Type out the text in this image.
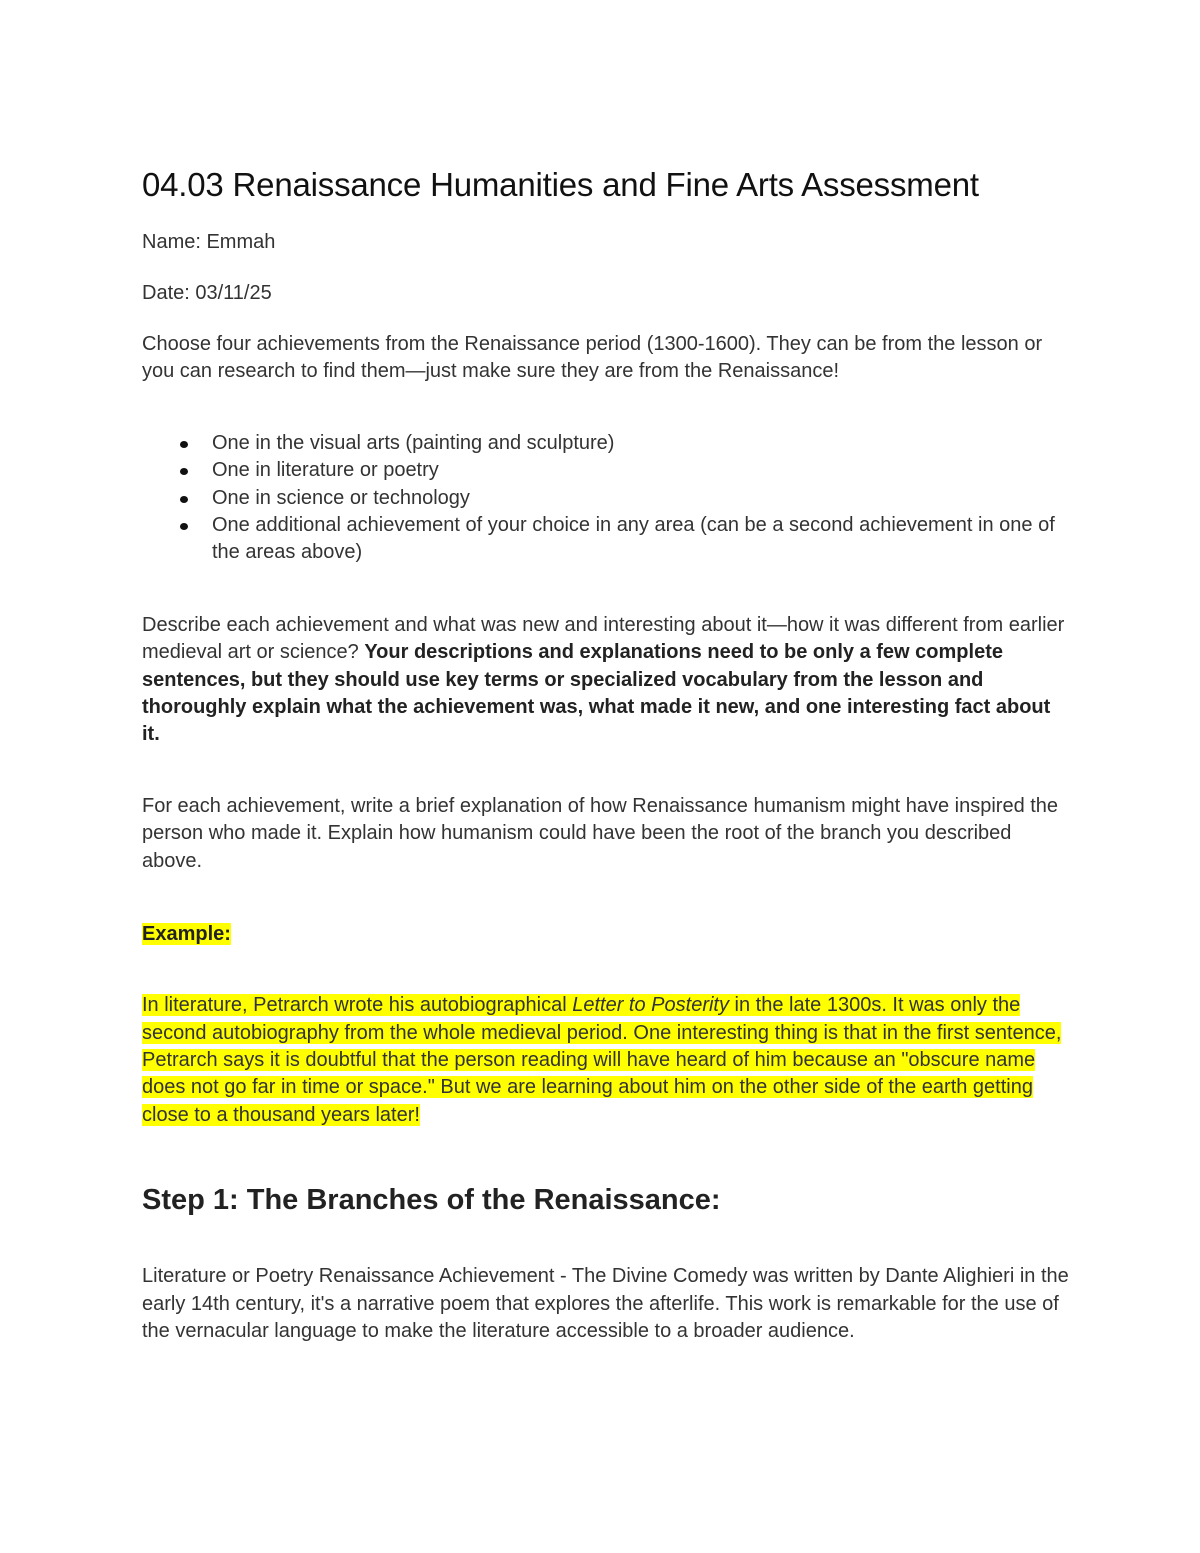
04.03 Renaissance Humanities and Fine Arts Assessment

Name: Emmah

Date: 03/11/25

Choose four achievements from the Renaissance period (1300-1600). They can be from the lesson or you can research to find them—just make sure they are from the Renaissance!

One in the visual arts (painting and sculpture)
One in literature or poetry
One in science or technology
One additional achievement of your choice in any area (can be a second achievement in one of the areas above)

Describe each achievement and what was new and interesting about it—how it was different from earlier medieval art or science? Your descriptions and explanations need to be only a few complete sentences, but they should use key terms or specialized vocabulary from the lesson and thoroughly explain what the achievement was, what made it new, and one interesting fact about it.

For each achievement, write a brief explanation of how Renaissance humanism might have inspired the person who made it. Explain how humanism could have been the root of the branch you described above.

Example:

In literature, Petrarch wrote his autobiographical Letter to Posterity in the late 1300s. It was only the second autobiography from the whole medieval period. One interesting thing is that in the first sentence, Petrarch says it is doubtful that the person reading will have heard of him because an "obscure name does not go far in time or space." But we are learning about him on the other side of the earth getting close to a thousand years later!

Step 1: The Branches of the Renaissance:

Literature or Poetry Renaissance Achievement - The Divine Comedy was written by Dante Alighieri in the early 14th century, it's a narrative poem that explores the afterlife. This work is remarkable for the use of the vernacular language to make the literature accessible to a broader audience.
